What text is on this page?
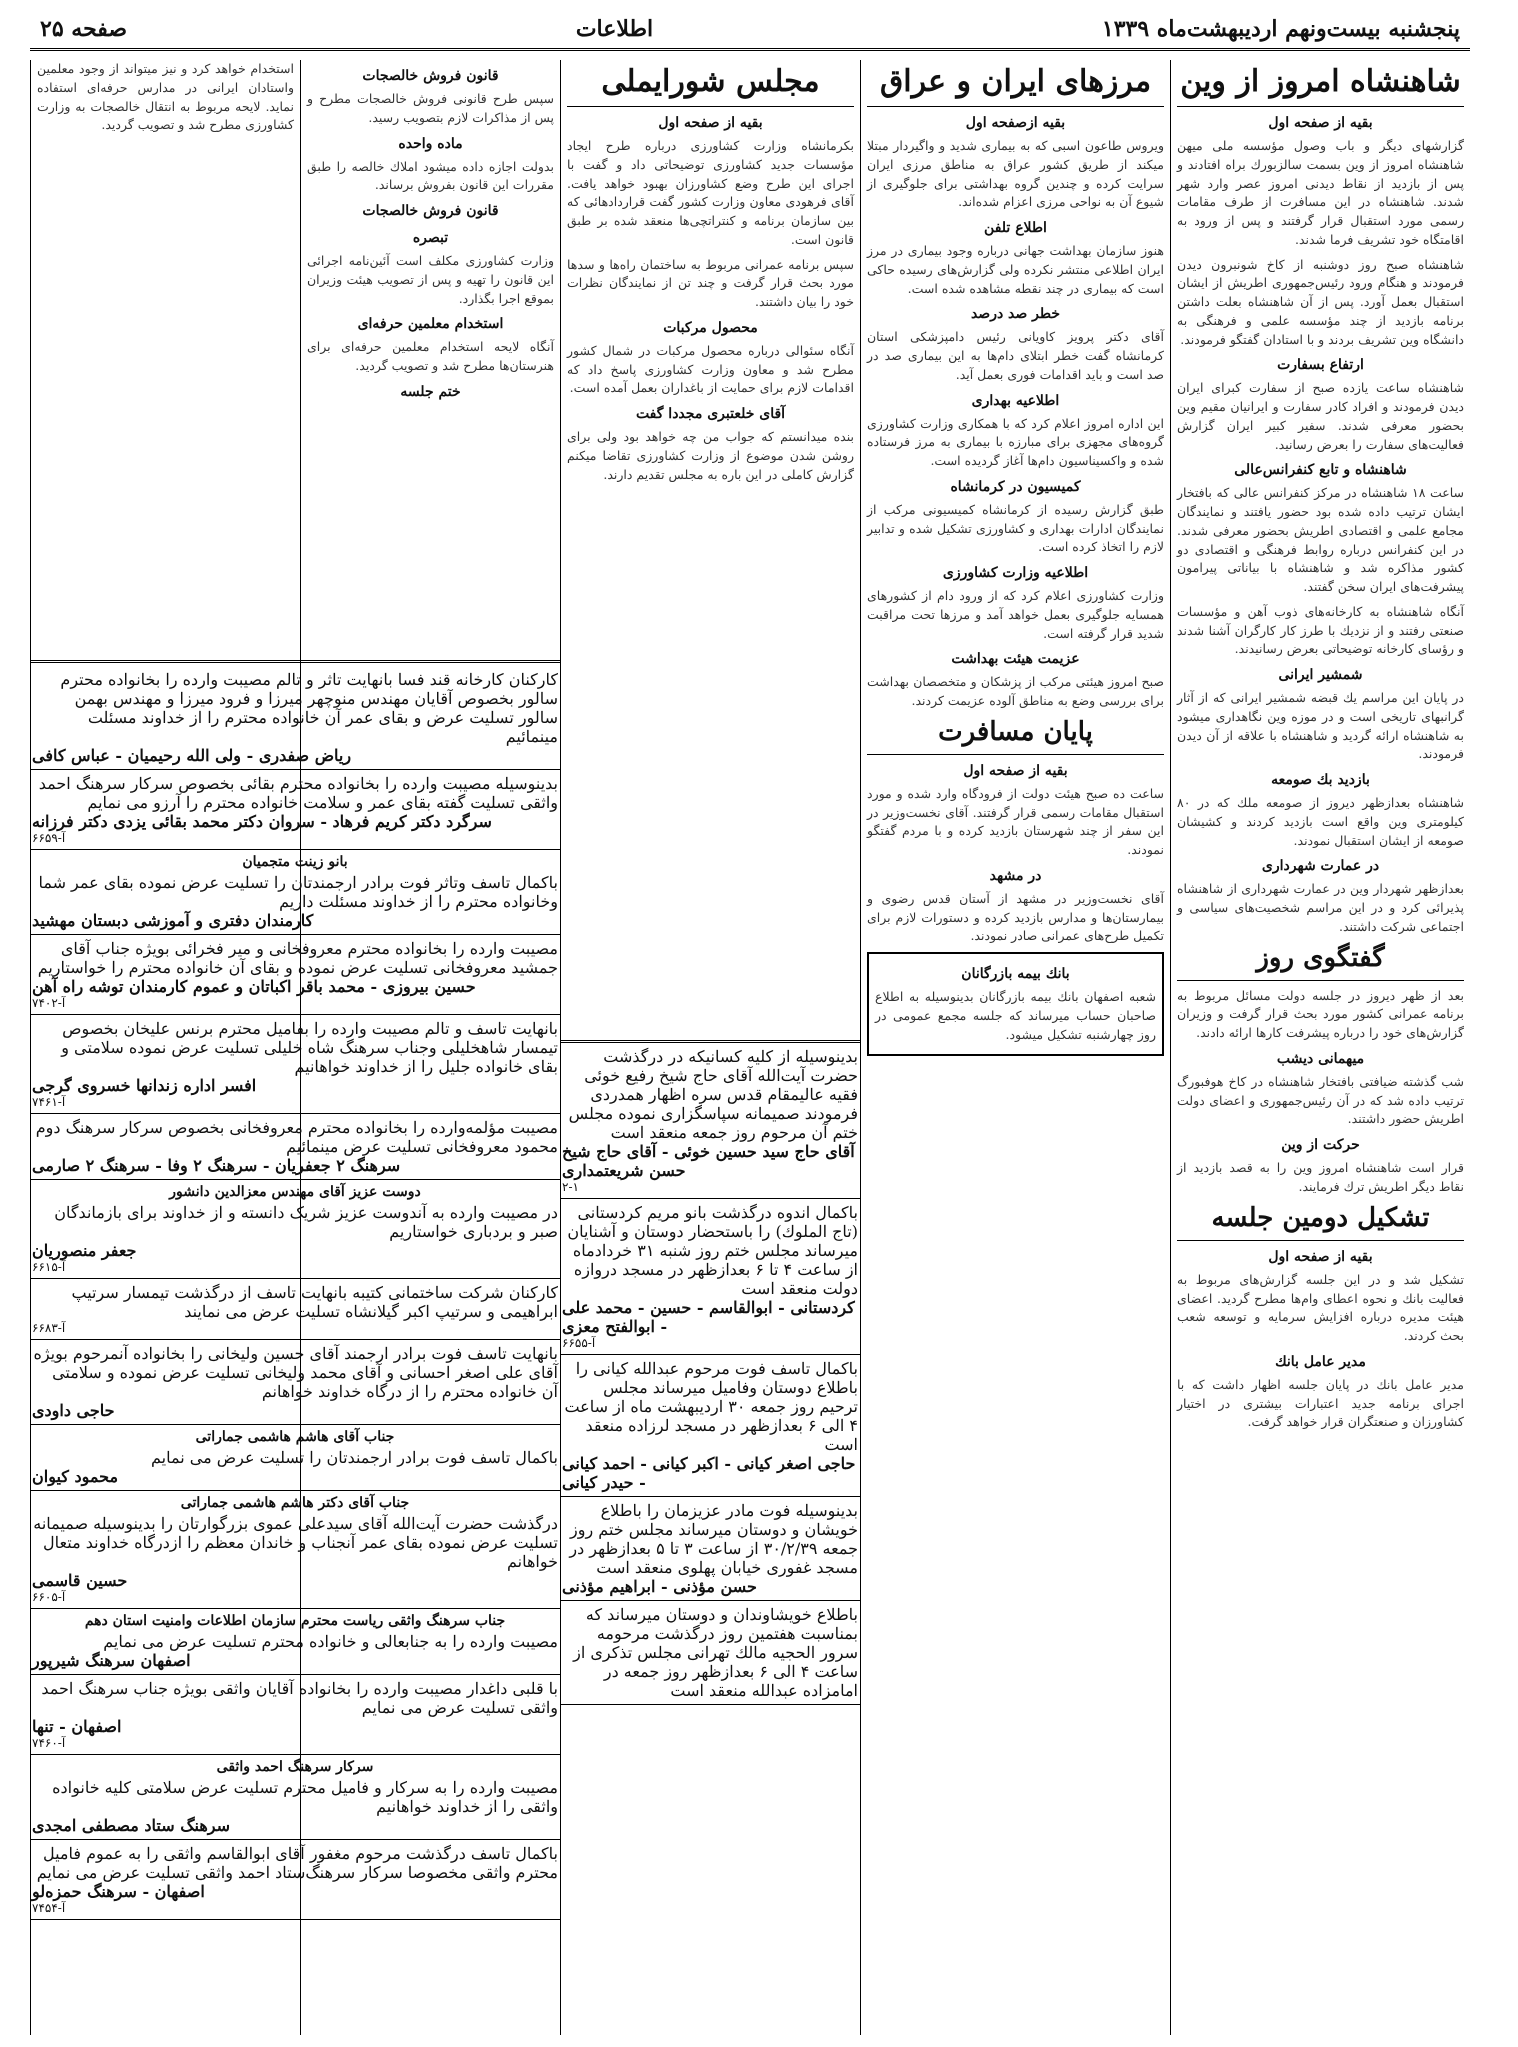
صفحه ۲۵	اطلاعات	پنجشنبه بیست‌ونهم اردیبهشت‌ماه ۱۳۳۹
شاهنشاه امروز از وین
بقیه از صفحه اول

گزارشهای دیگر و باب وصول مؤسسه ملی میهن شاهنشاه امروز از وین بسمت سالزبورك براه افتادند و پس از بازدید از نقاط دیدنی امروز عصر وارد شهر شدند. شاهنشاه در این مسافرت از طرف مقامات رسمی مورد استقبال قرار گرفتند و پس از ورود به اقامتگاه خود تشریف فرما شدند.

شاهنشاه صبح روز دوشنبه از کاخ شونبرون دیدن فرمودند و هنگام ورود رئیس‌جمهوری اطریش از ایشان استقبال بعمل آورد. پس از آن شاهنشاه بعلت داشتن برنامه بازدید از چند مؤسسه علمی و فرهنگی به دانشگاه وین تشریف بردند و با استادان گفتگو فرمودند.

ارتفاع بسفارت

شاهنشاه ساعت یازده صبح از سفارت کبرای ایران دیدن فرمودند و افراد کادر سفارت و ایرانیان مقیم وین بحضور معرفی شدند. سفیر کبیر ایران گزارش فعالیت‌های سفارت را بعرض رسانید.

شاهنشاه و تابع کنفرانس‌عالی

ساعت ۱۸ شاهنشاه در مرکز کنفرانس عالی که بافتخار ایشان ترتیب داده شده بود حضور یافتند و نمایندگان مجامع علمی و اقتصادی اطریش بحضور معرفی شدند. در این کنفرانس درباره روابط فرهنگی و اقتصادی دو کشور مذاکره شد و شاهنشاه با بیاناتی پیرامون پیشرفت‌های ایران سخن گفتند.

آنگاه شاهنشاه به کارخانه‌های ذوب آهن و مؤسسات صنعتی رفتند و از نزدیك با طرز کار کارگران آشنا شدند و رؤسای کارخانه توضیحاتی بعرض رسانیدند.

شمشیر ایرانی

در پایان این مراسم یك قبضه شمشیر ایرانی که از آثار گرانبهای تاریخی است و در موزه وین نگاهداری میشود به شاهنشاه ارائه گردید و شاهنشاه با علاقه از آن دیدن فرمودند.

بازدید بك صومعه

شاهنشاه بعدازظهر دیروز از صومعه ملك که در ۸۰ کیلومتری وین واقع است بازدید کردند و کشیشان صومعه از ایشان استقبال نمودند.

در عمارت شهرداری

بعدازظهر شهردار وین در عمارت شهرداری از شاهنشاه پذیرائی کرد و در این مراسم شخصیت‌های سیاسی و اجتماعی شرکت داشتند.

گفتگوی روز

بعد از ظهر دیروز در جلسه دولت مسائل مربوط به برنامه عمرانی کشور مورد بحث قرار گرفت و وزیران گزارش‌های خود را درباره پیشرفت کارها ارائه دادند.

میهمانی دیشب

شب گذشته ضیافتی بافتخار شاهنشاه در کاخ هوفبورگ ترتیب داده شد که در آن رئیس‌جمهوری و اعضای دولت اطریش حضور داشتند.

حرکت از وین

قرار است شاهنشاه امروز وین را به قصد بازدید از نقاط دیگر اطریش ترك فرمایند.

تشکیل دومین جلسه
بقیه از صفحه اول

تشکیل شد و در این جلسه گزارش‌های مربوط به فعالیت بانك و نحوه اعطای وام‌ها مطرح گردید. اعضای هیئت مدیره درباره افزایش سرمایه و توسعه شعب بحث کردند.

مدیر عامل بانك

مدیر عامل بانك در پایان جلسه اظهار داشت که با اجرای برنامه جدید اعتبارات بیشتری در اختیار کشاورزان و صنعتگران قرار خواهد گرفت.

مرزهای ایران و عراق
بقیه ازصفحه اول

ویروس طاعون اسبی که به بیماری شدید و واگیردار مبتلا میکند از طریق کشور عراق به مناطق مرزی ایران سرایت کرده و چندین گروه بهداشتی برای جلوگیری از شیوع آن به نواحی مرزی اعزام شده‌اند.

اطلاع تلفن

هنوز سازمان بهداشت جهانی درباره وجود بیماری در مرز ایران اطلاعی منتشر نکرده ولی گزارش‌های رسیده حاکی است که بیماری در چند نقطه مشاهده شده است.

خطر صد درصد

آقای دکتر پرویز کاویانی رئیس دامپزشکی استان کرمانشاه گفت خطر ابتلای دام‌ها به این بیماری صد در صد است و باید اقدامات فوری بعمل آید.

اطلاعیه بهداری

این اداره امروز اعلام کرد که با همکاری وزارت کشاورزی گروه‌های مجهزی برای مبارزه با بیماری به مرز فرستاده شده و واکسیناسیون دام‌ها آغاز گردیده است.

کمیسیون در کرمانشاه

طبق گزارش رسیده از کرمانشاه کمیسیونی مرکب از نمایندگان ادارات بهداری و کشاورزی تشکیل شده و تدابیر لازم را اتخاذ کرده است.

اطلاعیه وزارت کشاورزی

وزارت کشاورزی اعلام کرد که از ورود دام از کشورهای همسایه جلوگیری بعمل خواهد آمد و مرزها تحت مراقبت شدید قرار گرفته است.

عزیمت هیئت بهداشت

صبح امروز هیئتی مرکب از پزشکان و متخصصان بهداشت برای بررسی وضع به مناطق آلوده عزیمت کردند.

پایان مسافرت
بقیه از صفحه اول

ساعت ده صبح هیئت دولت از فرودگاه وارد شده و مورد استقبال مقامات رسمی قرار گرفتند. آقای نخست‌وزیر در این سفر از چند شهرستان بازدید کرده و با مردم گفتگو نمودند.

در مشهد

آقای نخست‌وزیر در مشهد از آستان قدس رضوی و بیمارستان‌ها و مدارس بازدید کرده و دستورات لازم برای تکمیل طرح‌های عمرانی صادر نمودند.

بانك بیمه بازرگانان

شعبه اصفهان بانك بیمه بازرگانان بدینوسیله به اطلاع صاحبان حساب میرساند که جلسه مجمع عمومی در روز چهارشنبه تشکیل میشود.

مجلس شورایملی
بقیه از صفحه اول

بکرمانشاه وزارت کشاورزی درباره طرح ایجاد مؤسسات جدید کشاورزی توضیحاتی داد و گفت با اجرای این طرح وضع کشاورزان بهبود خواهد یافت. آقای فرهودی معاون وزارت کشور گفت قراردادهائی که بین سازمان برنامه و کنتراتچی‌ها منعقد شده بر طبق قانون است.

سپس برنامه عمرانی مربوط به ساختمان راه‌ها و سدها مورد بحث قرار گرفت و چند تن از نمایندگان نظرات خود را بیان داشتند.

محصول مرکبات

آنگاه سئوالی درباره محصول مرکبات در شمال کشور مطرح شد و معاون وزارت کشاورزی پاسخ داد که اقدامات لازم برای حمایت از باغداران بعمل آمده است.

آقای خلعتبری مجددا گفت

بنده میدانستم که جواب من چه خواهد بود ولی برای روشن شدن موضوع از وزارت کشاورزی تقاضا میکنم گزارش کاملی در این باره به مجلس تقدیم دارند.

قانون فروش خالصجات

سپس طرح قانونی فروش خالصجات مطرح و پس از مذاکرات لازم بتصویب رسید.

ماده واحده

بدولت اجازه داده میشود املاك خالصه را طبق مقررات این قانون بفروش برساند.

قانون فروش خالصجات
تبصره

وزارت کشاورزی مکلف است آئین‌نامه اجرائی این قانون را تهیه و پس از تصویب هیئت وزیران بموقع اجرا بگذارد.

استخدام معلمین حرفه‌ای

آنگاه لایحه استخدام معلمین حرفه‌ای برای هنرستان‌ها مطرح شد و تصویب گردید.

ختم جلسه

استخدام خواهد کرد و نیز میتواند از وجود معلمین واستادان ایرانی در مدارس حرفه‌ای استفاده نماید. لایحه مربوط به انتقال خالصجات به وزارت کشاورزی مطرح شد و تصویب گردید.

کارکنان کارخانه قند فسا بانهایت تاثر و تالم مصیبت وارده را بخانواده محترم سالور بخصوص آقایان مهندس منوچهر میرزا و فرود میرزا و مهندس بهمن سالور تسلیت عرض و بقای عمر آن خانواده محترم را از خداوند مسئلت مینمائیم
ریاض صفدری - ولی الله رحیمیان - عباس کافی
بدینوسیله مصیبت وارده را بخانواده محترم بقائی بخصوص سرکار سرهنگ احمد واثقی تسلیت گفته بقای عمر و سلامت خانواده محترم را آرزو می نمایم
سرگرد دکتر کریم فرهاد - سروان دکتر محمد بقائی یزدی دکتر فرزانه
آ-۶۶۵۹
بانو زینت متجمیان
باکمال تاسف وتاثر فوت برادر ارجمندتان را تسلیت عرض نموده بقای عمر شما وخانواده محترم را از خداوند مسئلت داریم
کارمندان دفتری و آموزشی دبستان مهشید
مصیبت وارده را بخانواده محترم معروفخانی و میر فخرائی بویژه جناب آقای جمشید معروفخانی تسلیت عرض نموده و بقای آن خانواده محترم را خواستاریم
حسین بیروزی - محمد باقر اکباتان و عموم کارمندان توشه راه آهن
آ-۷۴۰۲
بانهایت تاسف و تالم مصیبت وارده را بفامیل محترم برنس علیخان بخصوص تیمسار شاهخلیلی وجناب سرهنگ شاه خلیلی تسلیت عرض نموده سلامتی و بقای خانواده جلیل را از خداوند خواهانیم
افسر اداره زندانها خسروی گرجی
آ-۷۴۶۱
مصیبت مؤلمه‌وارده را بخانواده محترم معروفخانی بخصوص سرکار سرهنگ دوم محمود معروفخانی تسلیت عرض مینمائیم
سرهنگ ۲ جعفریان - سرهنگ ۲ وفا - سرهنگ ۲ صارمی
دوست عزیز آقای مهندس معزالدین دانشور
در مصیبت وارده به آندوست عزیز شریک دانسته و از خداوند برای بازماندگان صبر و بردباری خواستاریم
جعفر منصوریان
آ-۶۶۱۵
کارکنان شرکت ساختمانی کتیبه بانهایت تاسف از درگذشت تیمسار سرتیپ ابراهیمی و سرتیپ اکبر گیلانشاه تسلیت عرض می نمایند
آ-۶۶۸۳
بانهایت تاسف فوت برادر ارجمند آقای حسین ولیخانی را بخانواده آنمرحوم بویژه آقای علی اصغر احسانی و آقای محمد ولیخانی تسلیت عرض نموده و سلامتی آن خانواده محترم را از درگاه خداوند خواهانم
حاجی داودی
جناب آقای هاشم هاشمی جماراتی
باکمال تاسف فوت برادر ارجمندتان را تسلیت عرض می نمایم
محمود کیوان
جناب آقای دکتر هاشم هاشمی جماراتی
درگذشت حضرت آیت‌الله آقای سیدعلی عموی بزرگوارتان را بدینوسیله صمیمانه تسلیت عرض نموده بقای عمر آنجناب و خاندان معظم را ازدرگاه خداوند متعال خواهانم
حسین قاسمی
آ-۶۶۰۵
جناب سرهنگ واثقی ریاست محترم سازمان اطلاعات وامنیت استان دهم
مصیبت وارده را به جنابعالی و خانواده محترم تسلیت عرض می نمایم
اصفهان سرهنگ شیرپور
با قلبی داغدار مصیبت وارده را بخانواده آقایان واثقی بویژه جناب سرهنگ احمد واثقی تسلیت عرض می نمایم
اصفهان - تنها
آ-۷۴۶۰
سرکار سرهنگ احمد واثقی
مصیبت وارده را به سرکار و فامیل محترم تسلیت عرض سلامتی کلیه خانواده واثقی را از خداوند خواهانیم
سرهنگ ستاد مصطفی امجدی
باکمال تاسف درگذشت مرحوم مغفور آقای ابوالقاسم واثقی را به عموم فامیل محترم واثقی مخصوصا سرکار سرهنگ‌ستاد احمد واثقی تسلیت عرض می نمایم
اصفهان - سرهنگ حمزه‌لو
آ-۷۴۵۴
بدینوسیله از کلیه کسانیکه در درگذشت حضرت آیت‌الله آقای حاج شیخ رفیع خوئی فقیه عالیمقام قدس سره اظهار همدردی فرمودند صمیمانه سپاسگزاری نموده مجلس ختم آن مرحوم روز جمعه منعقد است
آقای حاج سید حسین خوئی - آقای حاج شیخ حسن شریعتمداری
۲-۱
باکمال اندوه درگذشت بانو مریم کردستانی (تاج الملوك) را باستحضار دوستان و آشنایان میرساند مجلس ختم روز شنبه ۳۱ خردادماه از ساعت ۴ تا ۶ بعدازظهر در مسجد دروازه دولت منعقد است
کردستانی - ابوالقاسم - حسین - محمد علی - ابوالفتح معزی
آ-۶۶۵۵
باکمال تاسف فوت مرحوم عبدالله کیانی را باطلاع دوستان وفامیل میرساند مجلس ترحیم روز جمعه ۳۰ اردیبهشت ماه از ساعت ۴ الی ۶ بعدازظهر در مسجد لرزاده منعقد است
حاجی اصغر کیانی - اکبر کیانی - احمد کیانی - حیدر کیانی
بدینوسیله فوت مادر عزیزمان را باطلاع خویشان و دوستان میرساند مجلس ختم روز جمعه ۳۰/۲/۳۹ از ساعت ۳ تا ۵ بعدازظهر در مسجد غفوری خیابان پهلوی منعقد است
حسن مؤذنی - ابراهیم مؤذنی
باطلاع خویشاوندان و دوستان میرساند که بمناسبت هفتمین روز درگذشت مرحومه سرور الحجیه مالك تهرانی مجلس تذکری از ساعت ۴ الی ۶ بعدازظهر روز جمعه در امامزاده عبدالله منعقد است
